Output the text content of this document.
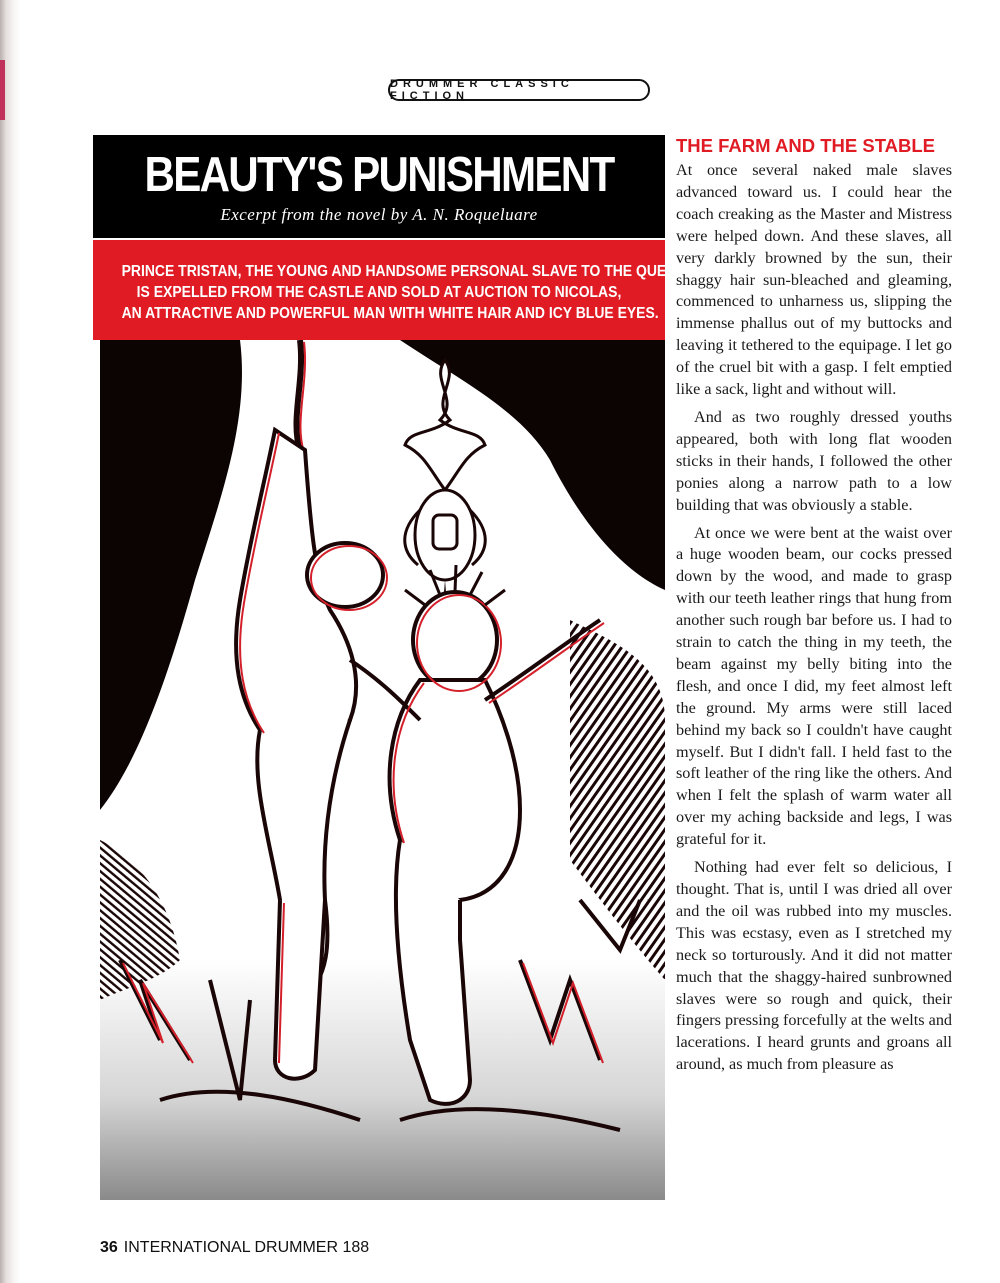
DRUMMER CLASSIC FICTION
BEAUTY'S PUNISHMENT
Excerpt from the novel by A. N. Roqueluare
PRINCE TRISTAN, THE YOUNG AND HANDSOME PERSONAL SLAVE TO THE QUEEN,
IS EXPELLED FROM THE CASTLE AND SOLD AT AUCTION TO NICOLAS,
AN ATTRACTIVE AND POWERFUL MAN WITH WHITE HAIR AND ICY BLUE EYES.
THE FARM AND THE STABLE

At once several naked male slaves advanced toward us. I could hear the coach creaking as the Master and Mistress were helped down. And these slaves, all very darkly browned by the sun, their shaggy hair sun-bleached and gleaming, commenced to unharness us, slipping the immense phallus out of my buttocks and leaving it tethered to the equipage. I let go of the cruel bit with a gasp. I felt emptied like a sack, light and without will.

And as two roughly dressed youths appeared, both with long flat wooden sticks in their hands, I followed the other ponies along a narrow path to a low building that was obviously a stable.

At once we were bent at the waist over a huge wooden beam, our cocks pressed down by the wood, and made to grasp with our teeth leather rings that hung from another such rough bar before us. I had to strain to catch the thing in my teeth, the beam against my belly biting into the flesh, and once I did, my feet almost left the ground. My arms were still laced behind my back so I couldn't have caught myself. But I didn't fall. I held fast to the soft leather of the ring like the others. And when I felt the splash of warm water all over my aching backside and legs, I was grateful for it.

Nothing had ever felt so delicious, I thought. That is, until I was dried all over and the oil was rubbed into my muscles. This was ecstasy, even as I stretched my neck so torturously. And it did not matter much that the shaggy-haired sunbrowned slaves were so rough and quick, their fingers pressing forcefully at the welts and lacerations. I heard grunts and groans all around, as much from pleasure as

36 INTERNATIONAL DRUMMER 188
